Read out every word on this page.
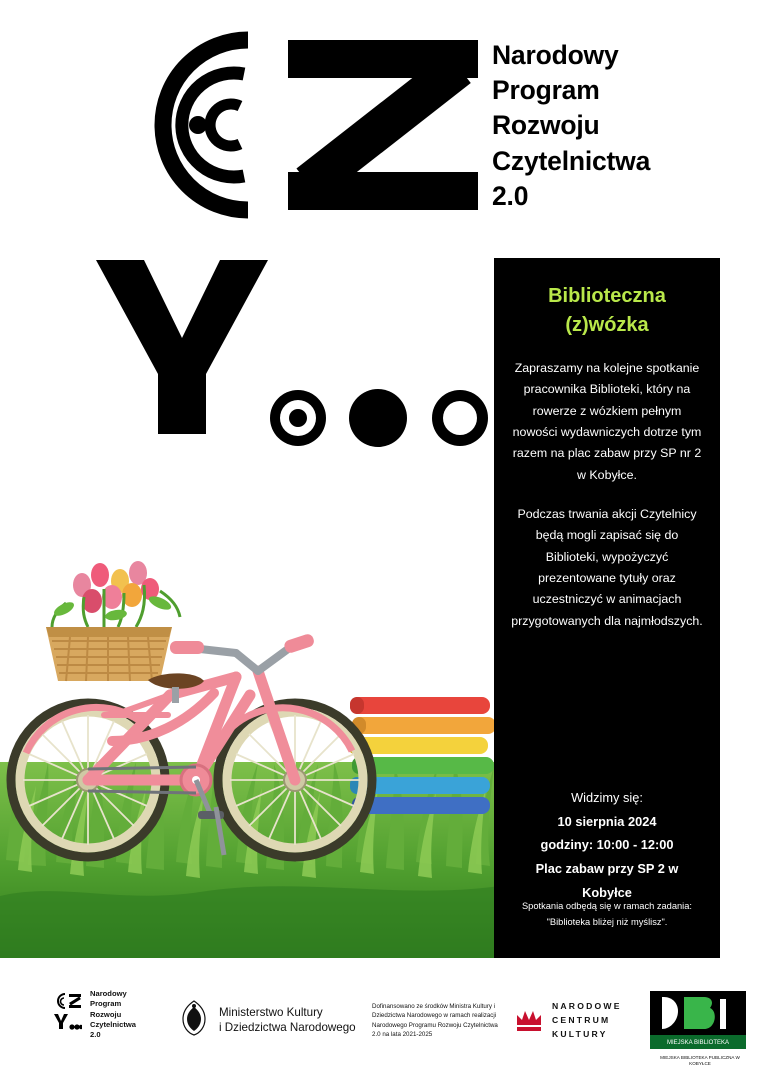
Narodowy
Program
Rozwoju
Czytelnictwa
2.0
Biblioteczna
(z)wózka
Zapraszamy na kolejne spotkanie pracownika Biblioteki, który na rowerze z wózkiem pełnym nowości wydawniczych dotrze tym razem na plac zabaw przy SP nr 2 w Kobyłce.
Podczas trwania akcji Czytelnicy będą mogli zapisać się do Biblioteki, wypożyczyć prezentowane tytuły oraz uczestniczyć w animacjach przygotowanych dla najmłodszych.
Widzimy się:
10 sierpnia 2024
godziny: 10:00 - 12:00
Plac zabaw przy SP 2 w Kobyłce
Spotkania odbędą się w ramach zadania:
"Biblioteka bliżej niż myślisz".
Narodowy
Program
Rozwoju
Czytelnictwa
2.0
Ministerstwo Kultury
i Dziedzictwa Narodowego
Dofinansowano ze środków Ministra Kultury i Dziedzictwa Narodowego w ramach realizacji Narodowego Programu Rozwoju Czytelnictwa 2.0 na lata 2021-2025
NARODOWE
CENTRUM
KULTURY
MIEJSKA BIBLIOTEKA
MIEJSKA BIBLIOTEKA PUBLICZNA W KOBYŁCE
